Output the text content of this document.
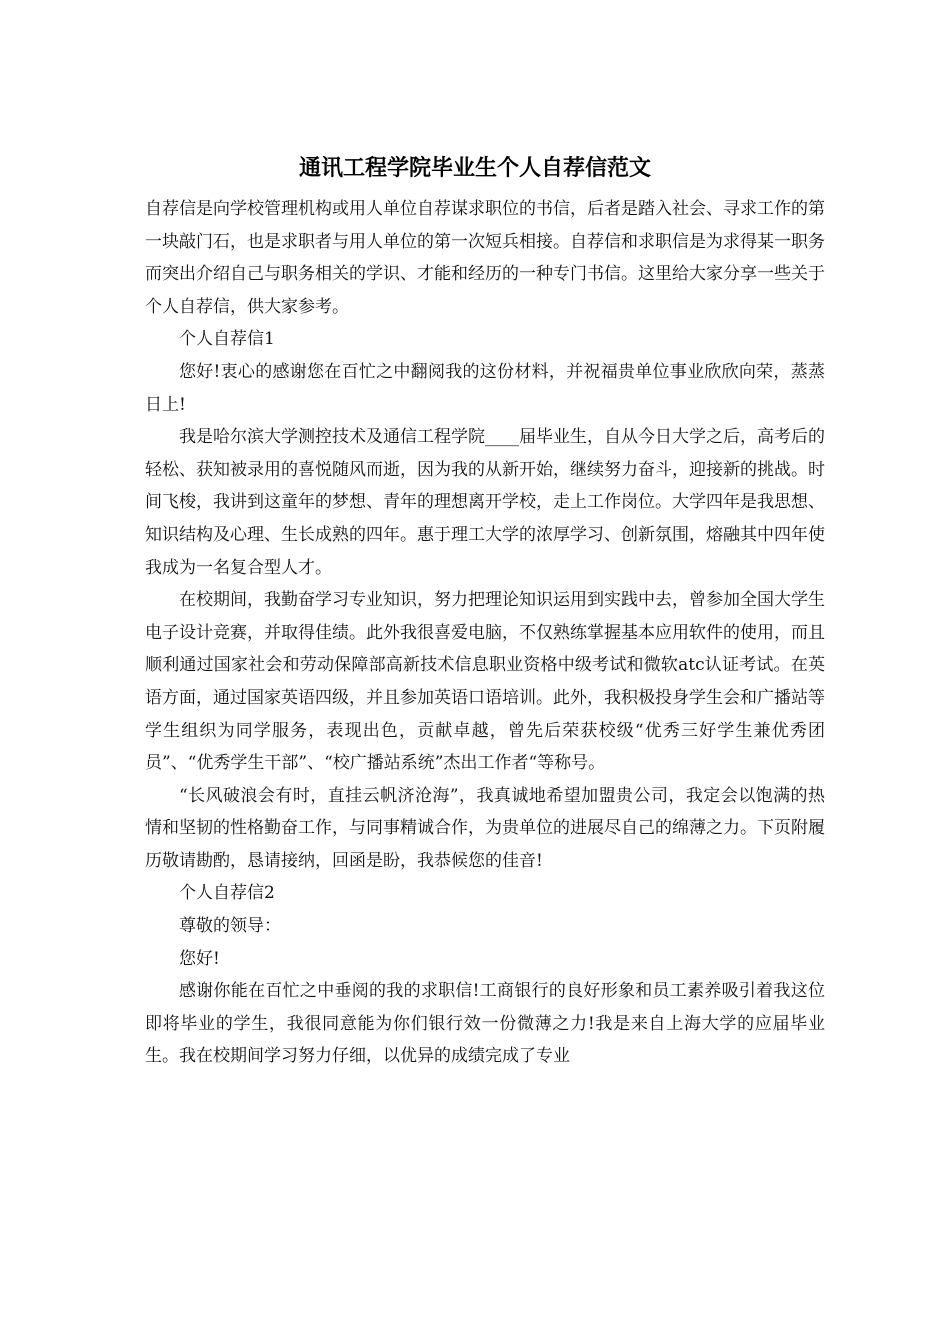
通讯工程学院毕业生个人自荐信范文

自荐信是向学校管理机构或用人单位自荐谋求职位的书信，后者是踏入社会、寻求工作的第一块敲门石，也是求职者与用人单位的第一次短兵相接。自荐信和求职信是为求得某一职务而突出介绍自己与职务相关的学识、才能和经历的一种专门书信。这里给大家分享一些关于个人自荐信，供大家参考。

个人自荐信1

您好!衷心的感谢您在百忙之中翻阅我的这份材料，并祝福贵单位事业欣欣向荣，蒸蒸日上!

我是哈尔滨大学测控技术及通信工程学院____届毕业生，自从今日大学之后，高考后的轻松、获知被录用的喜悦随风而逝，因为我的从新开始，继续努力奋斗，迎接新的挑战。时间飞梭，我讲到这童年的梦想、青年的理想离开学校，走上工作岗位。大学四年是我思想、知识结构及心理、生长成熟的四年。惠于理工大学的浓厚学习、创新氛围，熔融其中四年使我成为一名复合型人才。

在校期间，我勤奋学习专业知识，努力把理论知识运用到实践中去，曾参加全国大学生电子设计竞赛，并取得佳绩。此外我很喜爱电脑，不仅熟练掌握基本应用软件的使用，而且顺利通过国家社会和劳动保障部高新技术信息职业资格中级考试和微软atc认证考试。在英语方面，通过国家英语四级，并且参加英语口语培训。此外，我积极投身学生会和广播站等学生组织为同学服务，表现出色，贡献卓越，曾先后荣获校级“优秀三好学生兼优秀团员”、“优秀学生干部”、“校广播站系统”杰出工作者“等称号。

“长风破浪会有时，直挂云帆济沧海”，我真诚地希望加盟贵公司，我定会以饱满的热情和坚韧的性格勤奋工作，与同事精诚合作，为贵单位的进展尽自己的绵薄之力。下页附履历敬请勘酌，恳请接纳，回函是盼，我恭候您的佳音!

个人自荐信2

尊敬的领导：

您好!

感谢你能在百忙之中垂阅的我的求职信!工商银行的良好形象和员工素养吸引着我这位即将毕业的学生，我很同意能为你们银行效一份微薄之力!我是来自上海大学的应届毕业生。我在校期间学习努力仔细，以优异的成绩完成了专业
